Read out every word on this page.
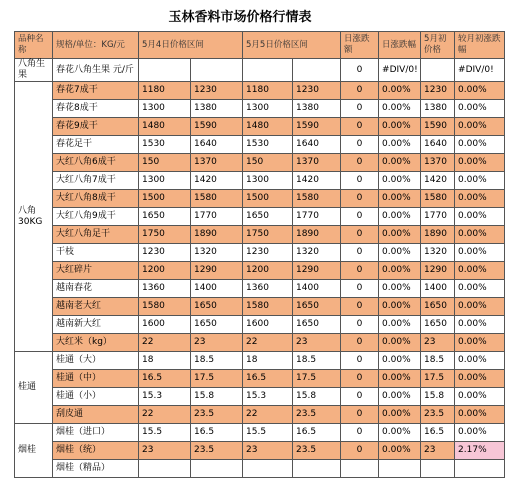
玉林香料市场价格行情表
品种名称	规格/单位：KG/元	5月4日价格区间		5月5日价格区间		日涨跌额	日涨跌幅	5月初价格	较月初涨跌幅
八角生果	春花八角生果 元/斤					0	#DIV/0!		#DIV/0!
八角
30KG	春花7成干	1180	1230	1180	1230	0	0.00%	1230	0.00%
	春花8成干	1300	1380	1300	1380	0	0.00%	1380	0.00%
	春花9成干	1480	1590	1480	1590	0	0.00%	1590	0.00%
	春花足干	1530	1640	1530	1640	0	0.00%	1640	0.00%
	大红八角6成干	150	1370	150	1370	0	0.00%	1370	0.00%
	大红八角7成干	1300	1420	1300	1420	0	0.00%	1420	0.00%
	大红八角8成干	1500	1580	1500	1580	0	0.00%	1580	0.00%
	大红八角9成干	1650	1770	1650	1770	0	0.00%	1770	0.00%
	大红八角足干	1750	1890	1750	1890	0	0.00%	1890	0.00%
	干枝	1230	1320	1230	1320	0	0.00%	1320	0.00%
	大红碎片	1200	1290	1200	1290	0	0.00%	1290	0.00%
	越南春花	1360	1400	1360	1400	0	0.00%	1400	0.00%
	越南老大红	1580	1650	1580	1650	0	0.00%	1650	0.00%
	越南新大红	1600	1650	1600	1650	0	0.00%	1650	0.00%
	大红米（kg）	22	23	22	23	0	0.00%	23	0.00%
桂通	桂通（大）	18	18.5	18	18.5	0	0.00%	18.5	0.00%
	桂通（中）	16.5	17.5	16.5	17.5	0	0.00%	17.5	0.00%
	桂通（小）	15.3	15.8	15.3	15.8	0	0.00%	15.8	0.00%
	刮皮通	22	23.5	22	23.5	0	0.00%	23.5	0.00%
烟桂	烟桂（进口）	15.5	16.5	15.5	16.5	0	0.00%	16.5	0.00%
	烟桂（统）	23	23.5	23	23.5	0	0.00%	23	2.17%
	烟桂（精品）								
